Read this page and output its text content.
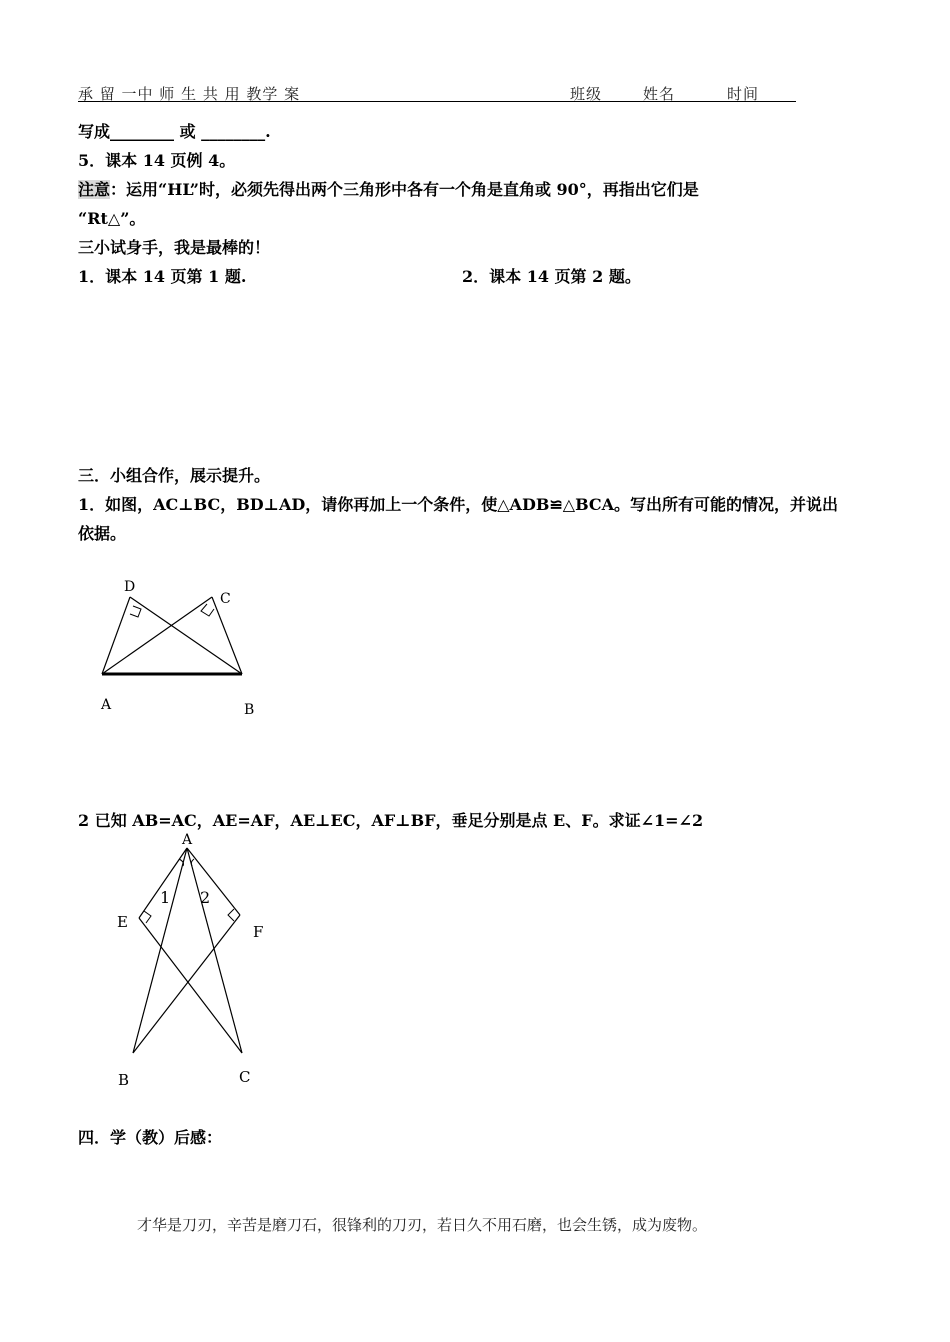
承 留 一中 师 生 共 用 教学 案	班级	姓名	时间
写成________ 或 ________.
5．课本 14 页例 4。
注意：运用“HL”时，必须先得出两个三角形中各有一个角是直角或 90°，再指出它们是
“Rt△”。
三小试身手，我是最棒的！
1．课本 14 页第 1 题.	2．课本 14 页第 2 题。
三．小组合作，展示提升。
1．如图，AC⊥BC，BD⊥AD，请你再加上一个条件，使△ADB≌△BCA。写出所有可能的情况，并说出
依据。
D
C
A	B
2 已知 AB=AC，AE=AF，AE⊥EC，AF⊥BF，垂足分别是点 E、F。求证∠1=∠2
A
1 2
E
F
B	C
四．学（教）后感：
才华是刀刃，辛苦是磨刀石，很锋利的刀刃，若日久不用石磨，也会生锈，成为废物。
